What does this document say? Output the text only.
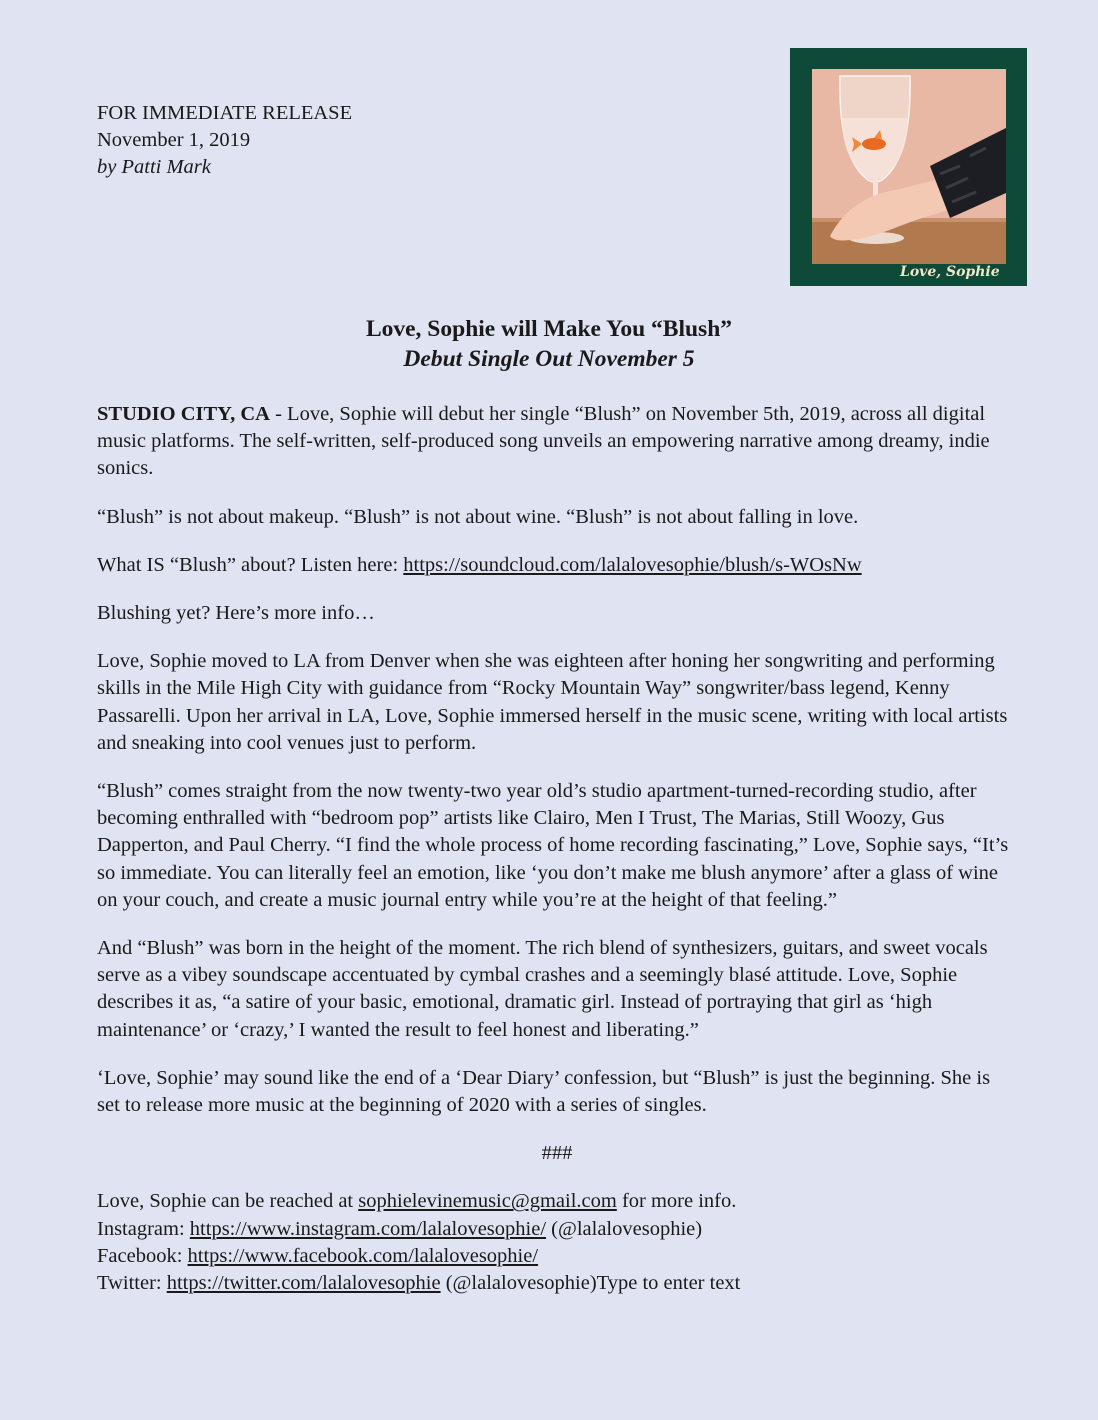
FOR IMMEDIATE RELEASE
November 1, 2019
by Patti Mark
Love, Sophie
Love, Sophie will Make You “Blush”
Debut Single Out November 5

STUDIO CITY, CA - Love, Sophie will debut her single “Blush” on November 5th, 2019, across all digital music platforms. The self-written, self-produced song unveils an empowering narrative among dreamy, indie sonics.

“Blush” is not about makeup. “Blush” is not about wine. “Blush” is not about falling in love.

What IS “Blush” about? Listen here: https://soundcloud.com/lalalovesophie/blush/s-WOsNw

Blushing yet? Here’s more info…

Love, Sophie moved to LA from Denver when she was eighteen after honing her songwriting and performing skills in the Mile High City with guidance from “Rocky Mountain Way” songwriter/bass legend, Kenny Passarelli. Upon her arrival in LA, Love, Sophie immersed herself in the music scene, writing with local artists and sneaking into cool venues just to perform.

“Blush” comes straight from the now twenty-two year old’s studio apartment-turned-recording studio, after becoming enthralled with “bedroom pop” artists like Clairo, Men I Trust, The Marias, Still Woozy, Gus Dapperton, and Paul Cherry. “I find the whole process of home recording fascinating,” Love, Sophie says, “It’s so immediate. You can literally feel an emotion, like ‘you don’t make me blush anymore’ after a glass of wine on your couch, and create a music journal entry while you’re at the height of that feeling.”

And “Blush” was born in the height of the moment. The rich blend of synthesizers, guitars, and sweet vocals serve as a vibey soundscape accentuated by cymbal crashes and a seemingly blasé attitude. Love, Sophie describes it as, “a satire of your basic, emotional, dramatic girl. Instead of portraying that girl as ‘high maintenance’ or ‘crazy,’ I wanted the result to feel honest and liberating.”

‘Love, Sophie’ may sound like the end of a ‘Dear Diary’ confession, but “Blush” is just the beginning. She is set to release more music at the beginning of 2020 with a series of singles.

###

Love, Sophie can be reached at sophielevinemusic@gmail.com for more info.
Instagram: https://www.instagram.com/lalalovesophie/ (@lalalovesophie)
Facebook: https://www.facebook.com/lalalovesophie/
Twitter: https://twitter.com/lalalovesophie (@lalalovesophie)Type to enter text
